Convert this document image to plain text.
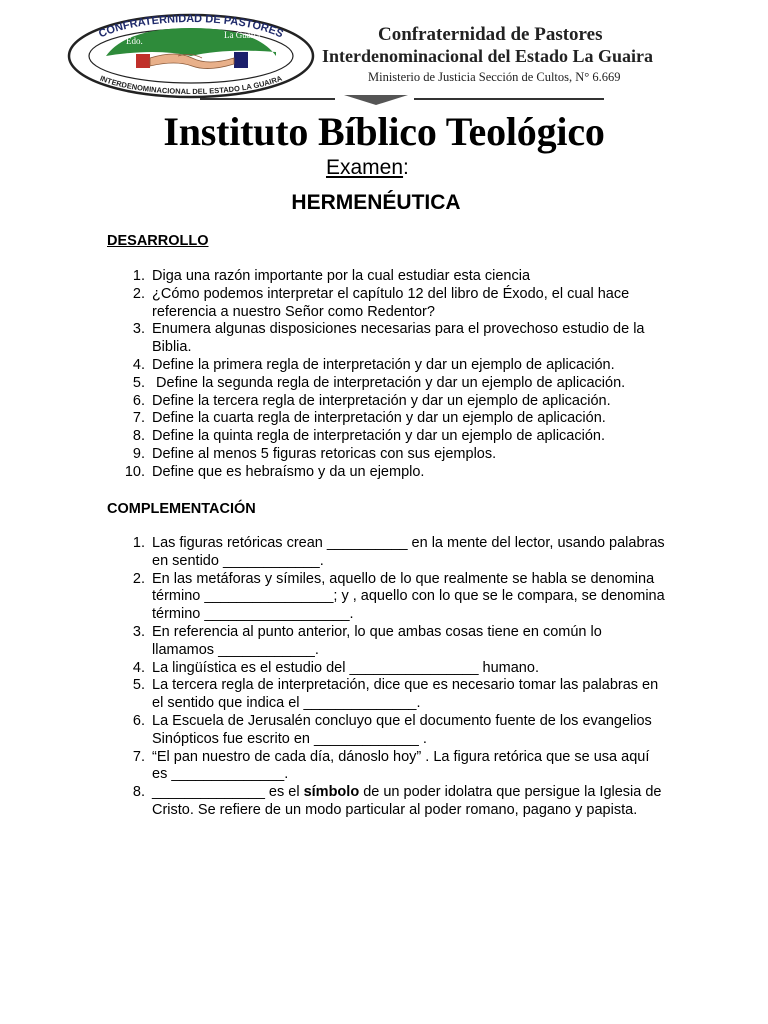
CONFRATERNIDAD DE PASTORES
Edo.
La Guaira
INTERDENOMINACIONAL DEL ESTADO LA GUAIRA
Confraternidad de Pastores
Interdenominacional del Estado La Guaira
Ministerio de Justicia Sección de Cultos, N° 6.669
Instituto Bíblico Teológico
Examen:
HERMENÉUTICA
DESARROLLO
1. Diga una razón importante por la cual estudiar esta ciencia
2. ¿Cómo podemos interpretar el capítulo 12 del libro de Éxodo, el cual hace referencia a nuestro Señor como Redentor?
3. Enumera algunas disposiciones necesarias para el provechoso estudio de la Biblia.
4. Define la primera regla de interpretación y dar un ejemplo de aplicación.
5. Define la segunda regla de interpretación y dar un ejemplo de aplicación.
6. Define la tercera regla de interpretación y dar un ejemplo de aplicación.
7. Define la cuarta regla de interpretación y dar un ejemplo de aplicación.
8. Define la quinta regla de interpretación y dar un ejemplo de aplicación.
9. Define al menos 5 figuras retoricas con sus ejemplos.
10. Define que es hebraísmo y da un ejemplo.
COMPLEMENTACIÓN
1. Las figuras retóricas crean __________ en la mente del lector, usando palabras en sentido ____________.
2. En las metáforas y símiles, aquello de lo que realmente se habla se denomina término ________________; y , aquello con lo que se le compara, se denomina término __________________.
3. En referencia al punto anterior, lo que ambas cosas tiene en común lo llamamos ____________.
4. La lingüística es el estudio del ________________ humano.
5. La tercera regla de interpretación, dice que es necesario tomar las palabras en el sentido que indica el ______________.
6. La Escuela de Jerusalén concluyo que el documento fuente de los evangelios Sinópticos fue escrito en _____________ .
7. “El pan nuestro de cada día, dánoslo hoy” . La figura retórica que se usa aquí es ______________.
8. ______________ es el símbolo de un poder idolatra que persigue la Iglesia de Cristo. Se refiere de un modo particular al poder romano, pagano y papista.
